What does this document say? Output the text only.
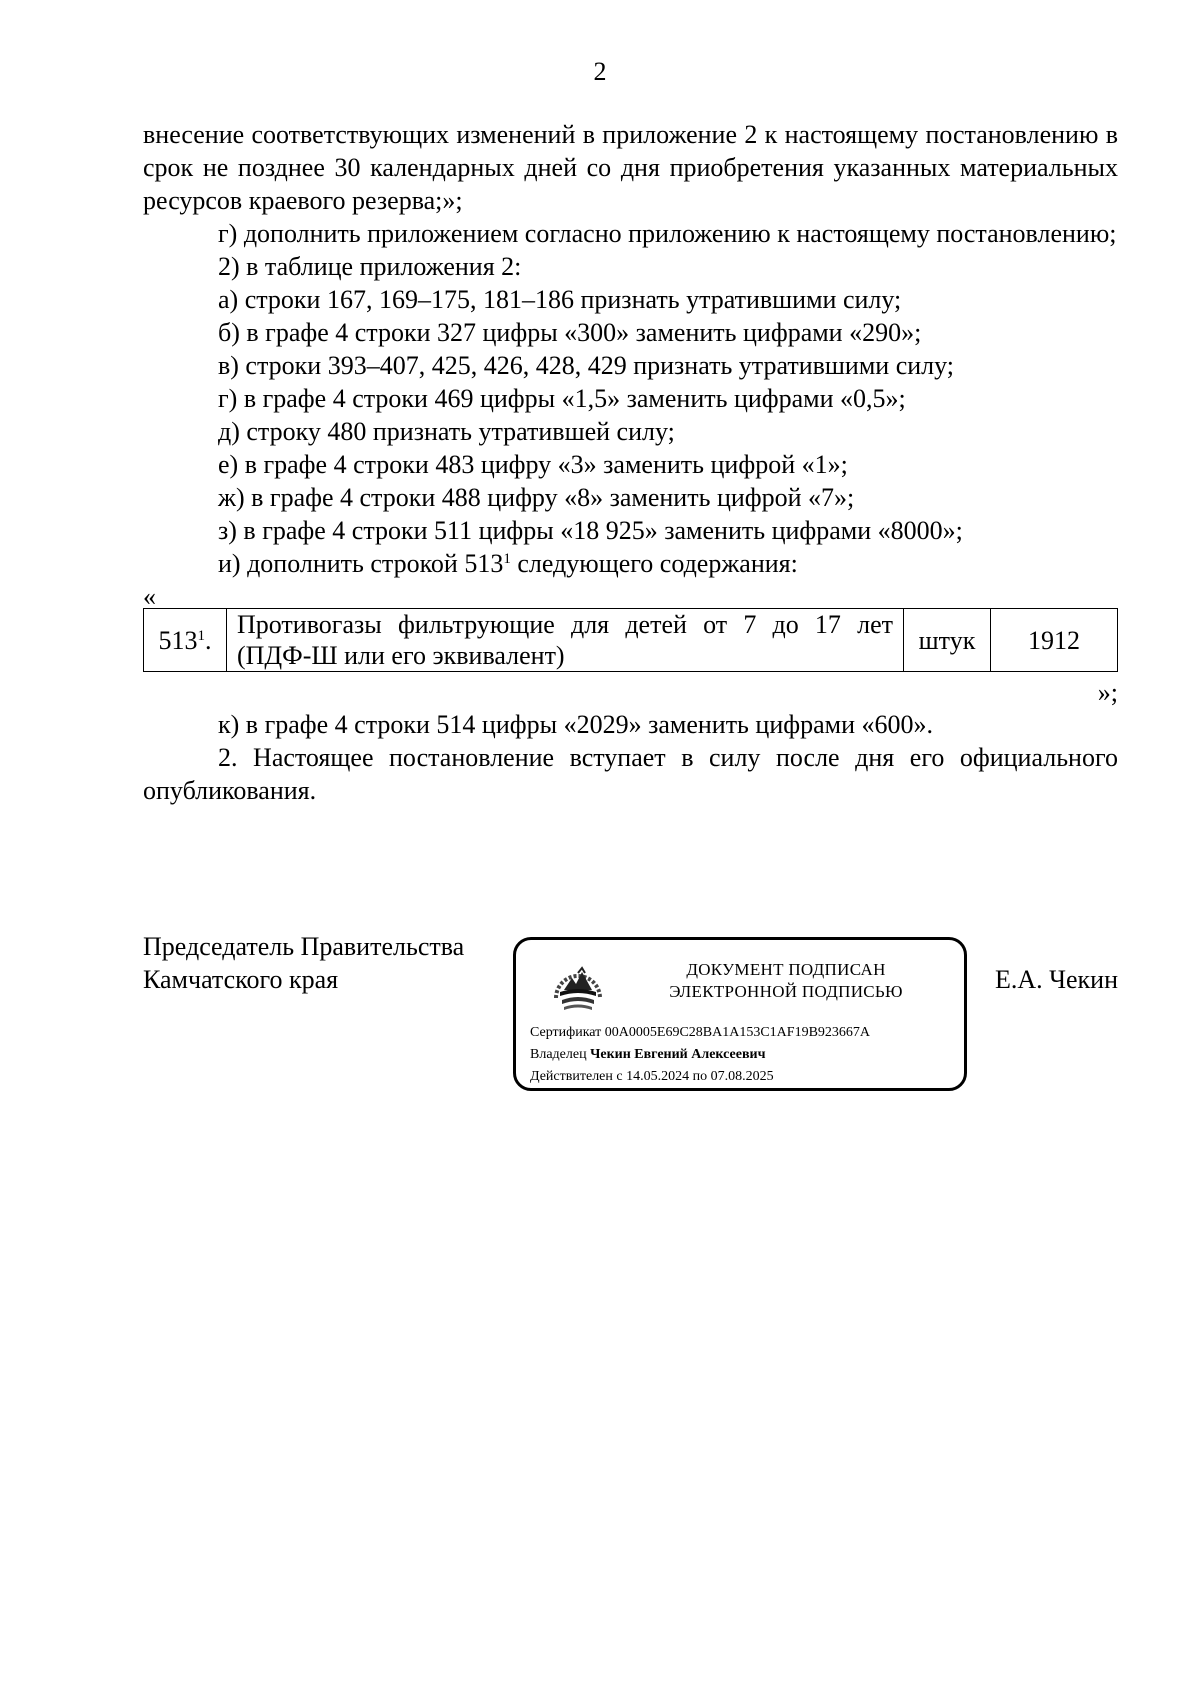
2

внесение соответствующих изменений в приложение 2 к настоящему постановлению в срок не позднее 30 календарных дней со дня приобретения указанных материальных ресурсов краевого резерва;»;

г) дополнить приложением согласно приложению к настоящему постановлению;

2) в таблице приложения 2:

а) строки 167, 169–175, 181–186 признать утратившими силу;

б) в графе 4 строки 327 цифры «300» заменить цифрами «290»;

в) строки 393–407, 425, 426, 428, 429 признать утратившими силу;

г) в графе 4 строки 469 цифры «1,5» заменить цифрами «0,5»;

д) строку 480 признать утратившей силу;

е) в графе 4 строки 483 цифру «3» заменить цифрой «1»;

ж) в графе 4 строки 488 цифру «8» заменить цифрой «7»;

з) в графе 4 строки 511 цифры «18 925» заменить цифрами «8000»;

и) дополнить строкой $513^1$ следующего содержания:

«

$513^1$.	Противогазы фильтрующие для детей от 7 до 17 лет (ПДФ-Ш или его эквивалент)	штук	1912

»;

к) в графе 4 строки 514 цифры «2029» заменить цифрами «600».

2. Настоящее постановление вступает в силу после дня его официального опубликования.

Председатель Правительства
Камчатского края	ДОКУМЕНТ ПОДПИСАН
ЭЛЕКТРОННОЙ ПОДПИСЬЮ
Сертификат 00A0005E69C28BA1A153C1AF19B923667A
Владелец Чекин Евгений Алексеевич
Действителен с 14.05.2024 по 07.08.2025
Е.А. Чекин
